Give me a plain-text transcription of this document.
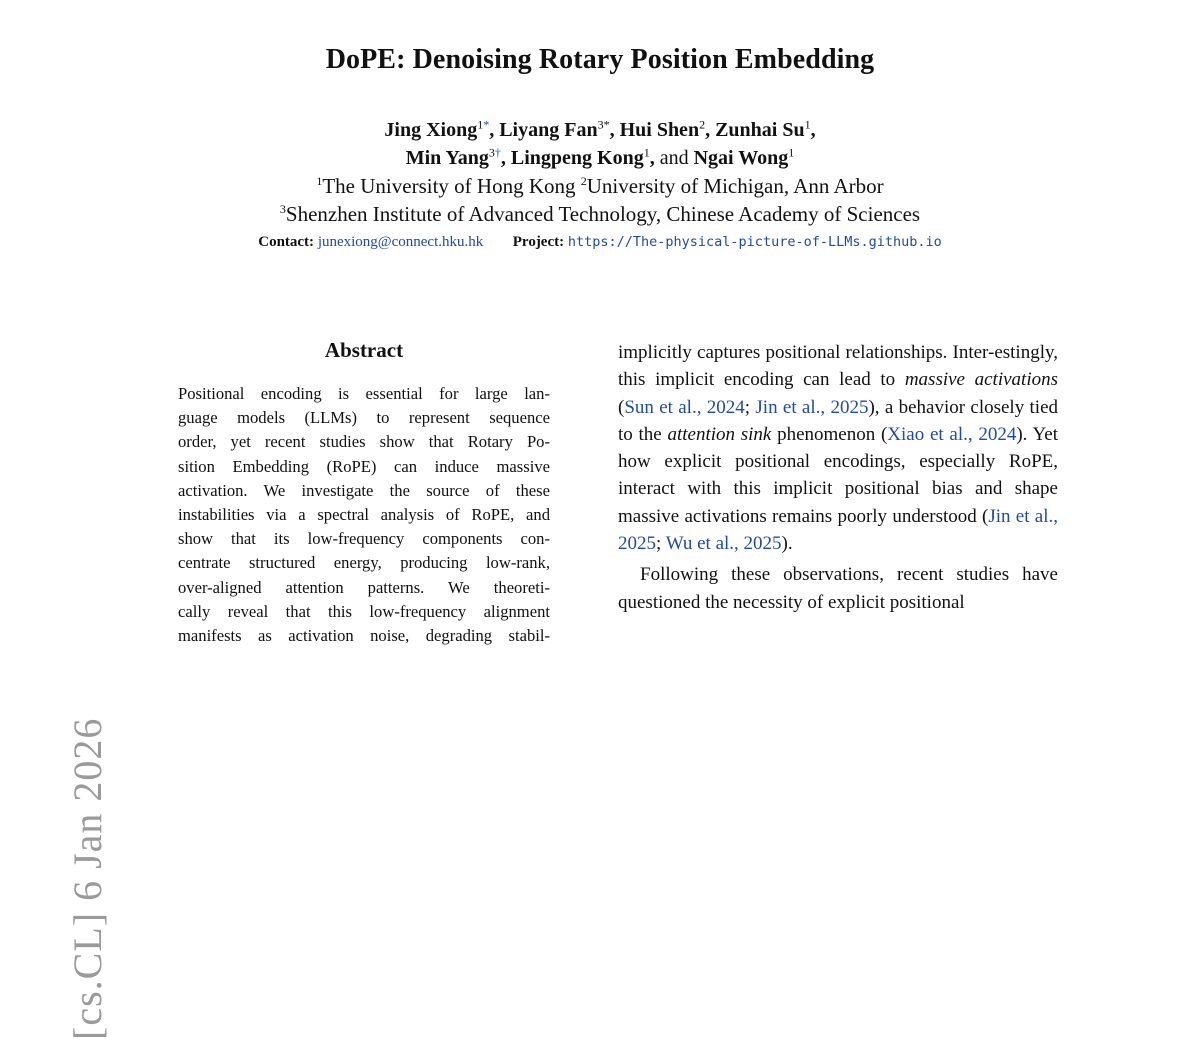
DoPE: Denoising Rotary Position Embedding
Jing Xiong$^{1*}$, Liyang Fan$^{3*}$, Hui Shen$^2$, Zunhai Su$^1$,
Min Yang$^{3\dagger}$, Lingpeng Kong$^1$, and Ngai Wong$^1$
$^1$The University of Hong Kong $^2$University of Michigan, Ann Arbor
$^3$Shenzhen Institute of Advanced Technology, Chinese Academy of Sciences
Contact: junexiong@connect.hku.hk Project: https://The-physical-picture-of-LLMs.github.io
[cs.CL] 6 Jan 2026
Abstract
Positional encoding is essential for large lan-
guage models (LLMs) to represent sequence
order, yet recent studies show that Rotary Po-
sition Embedding (RoPE) can induce massive
activation. We investigate the source of these
instabilities via a spectral analysis of RoPE, and
show that its low-frequency components con-
centrate structured energy, producing low-rank,
over-aligned attention patterns. We theoreti-
cally reveal that this low-frequency alignment
manifests as activation noise, degrading stabil-

implicitly captures positional relationships. Inter-estingly, this implicit encoding can lead to massive activations (Sun et al., 2024; Jin et al., 2025), a behavior closely tied to the attention sink phenomenon (Xiao et al., 2024). Yet how explicit positional encodings, especially RoPE, interact with this implicit positional bias and shape massive activations remains poorly understood (Jin et al., 2025; Wu et al., 2025).

Following these observations, recent studies have questioned the necessity of explicit positional
